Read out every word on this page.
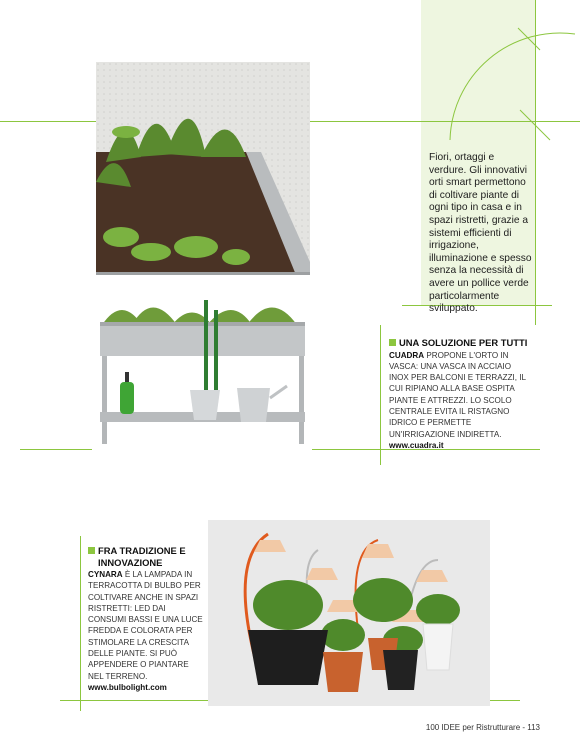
Fiori, ortaggi e verdure. Gli innovativi orti smart permettono di coltivare piante di ogni tipo in casa e in spazi ristretti, grazie a sistemi efficienti di irrigazione, illuminazione e spesso senza la necessità di avere un pollice verde particolarmente sviluppato.
UNA SOLUZIONE PER TUTTI
CUADRA PROPONE L'ORTO IN VASCA: UNA VASCA IN ACCIAIO INOX PER BALCONI E TERRAZZI, IL CUI RIPIANO ALLA BASE OSPITA PIANTE E ATTREZZI. LO SCOLO CENTRALE EVITA IL RISTAGNO IDRICO E PERMETTE UN'IRRIGAZIONE INDIRETTA.
www.cuadra.it
FRA TRADIZIONE E INNOVAZIONE
CYNARA È LA LAMPADA IN TERRACOTTA DI BULBO PER COLTIVARE ANCHE IN SPAZI RISTRETTI: LED DAI CONSUMI BASSI E UNA LUCE FREDDA E COLORATA PER STIMOLARE LA CRESCITA DELLE PIANTE. SI PUÒ APPENDERE O PIANTARE NEL TERRENO.
www.bulbolight.com
100 IDEE per Ristrutturare - 113
